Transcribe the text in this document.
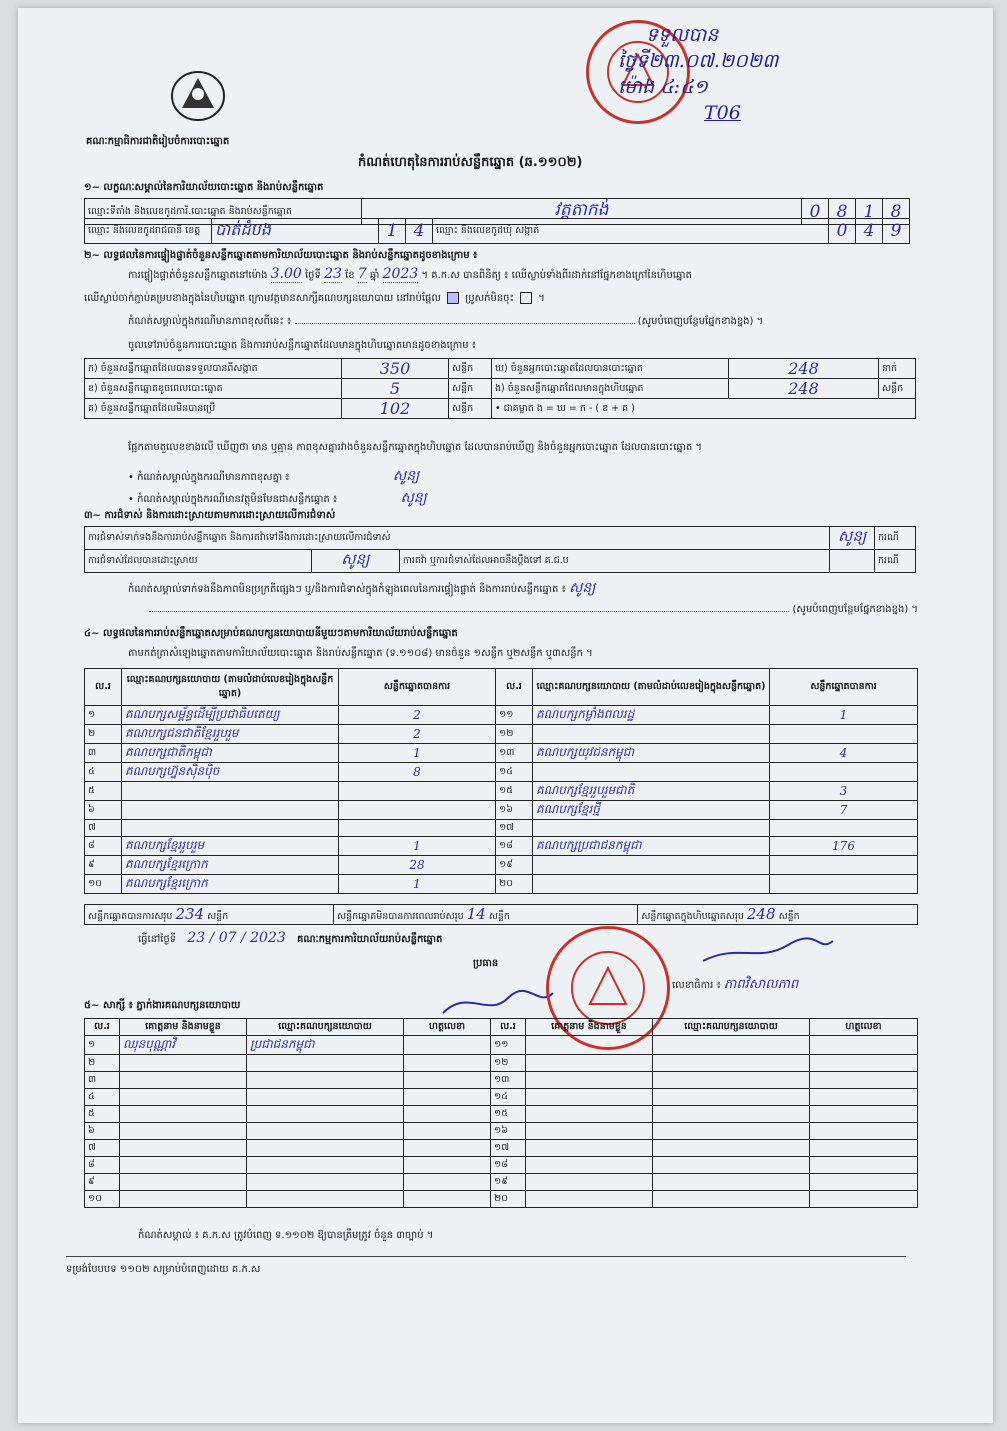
គណៈកម្មាធិការជាតិរៀបចំការបោះឆ្នោត
ទទួលបាន
ថ្ងៃទី២៣.០៧.២០២៣
ម៉ោង ៤:៤១
T06
កំណត់ហេតុនៃការរាប់សន្លឹកឆ្នោត (ឆ.១១០២)
១~ លក្ខណៈសម្គាល់នៃការិយាល័យបោះឆ្នោត និងរាប់សន្លឹកឆ្នោត
ឈ្មោះទីតាំង និងលេខកូដការិ.បោះឆ្នោត និងរាប់សន្លឹកឆ្នោត	វត្តតាកង់	0	8	1	8
ឈ្មោះ និងលេខកូដរាជធានី ខេត្ត	បាត់ដំបង	1	4	ឈ្មោះ និងលេខកូដឃុំ សង្កាត់	0	4	9
២~ លទ្ធផលនៃការផ្ទៀងផ្ទាត់ចំនួនសន្លឹកឆ្នោតតាមការិយាល័យបោះឆ្នោត និងរាប់សន្លឹកឆ្នោតដូចខាងក្រោម ៖
ការផ្ទៀងផ្ទាត់ចំនួនសន្លឹកឆ្នោតនៅម៉ោង 3.00 ថ្ងៃទី 23 ខែ 7 ឆ្នាំ 2023 ។ គ.ក.ស បានពិនិត្យ ៖ ឈើស្លាប់ទាំងពីរដាក់នៅផ្នែកខាងក្រៅនៃហិបឆ្នោត
ឈើស្លាប់ចាក់ភ្ជាប់គម្របខាងក្នុងនៃហិបឆ្នោត ក្រោមវត្តមានសាក្សីគណបក្សនយោបាយ នៅរាប់ផ្ដែល ប្រូសក់មិនចុះ  ។
កំណត់សម្គាល់ក្នុងករណីមានភាពខុសពីនេះ ៖	(សូមបំពេញបន្ថែមផ្នែកខាងខ្នង) ។
ចូលទៅរាប់ចំនួនការបោះឆ្នោត និងការរាប់សន្លឹកឆ្នោតដែលមានក្នុងហិបឆ្នោតមានដូចខាងក្រោម ៖
ក) ចំនួនសន្លឹកឆ្នោតដែលបានទទួលបានពីសង្កាត	350	សន្លឹក	ឃ) ចំនួនអ្នកបោះឆ្នោតដែលបានបោះឆ្នោត	248	នាក់
ខ) ចំនួនសន្លឹកឆ្នោតខូចពេលបោះឆ្នោត	5	សន្លឹក	ង) ចំនួនសន្លឹកឆ្នោតដែលមានក្នុងហិបឆ្នោត	248	សន្លឹក
គ) ចំនួនសន្លឹកឆ្នោតដែលមិនបានប្រើ	102	សន្លឹក	• ជាគម្លាត ង = ឃ = ក - ( ខ + គ )		
ផ្អែកតាមតួលេខខាងលើ ឃើញថា មាន ឬគ្មាន ភាពខុសគ្នារវាងចំនួនសន្លឹកឆ្នោតក្នុងហិបឆ្នោត ដែលបានរាប់ឃើញ និងចំនួនអ្នកបោះឆ្នោត ដែលបានបោះឆ្នោត ។
• កំណត់សម្គាល់ក្នុងករណីមានភាពខុសគ្នា ៖	សូន្យ
• កំណត់សម្គាល់ក្នុងករណីមានវត្ថុមិនមែនជាសន្លឹកឆ្នោត ៖	សូន្យ
៣~ ការជំទាស់ និងការដោះស្រាយតាមការដោះស្រាយលើការជំទាស់
ការជំទាស់ទាក់ទងនឹងការរាប់សន្លឹកឆ្នោត និងការតវ៉ាទៅនឹងការដោះស្រាយលើការជំទាស់			សូន្យ	ករណី
ការជំទាស់ដែលបានដោះស្រាយ	សូន្យ	ការតវ៉ា ឬការជំទាស់ដែលអាចនឹងប្តឹងទៅ គ.ជ.ប		ករណី
កំណត់សម្គាល់ទាក់ទងនឹងភាពមិនប្រក្រតីផ្សេងៗ ឬ/និងការជំទាស់ក្នុងកំឡុងពេលនៃការផ្ទៀងផ្ទាត់ និងការរាប់សន្លឹកឆ្នោត ៖ សូន្យ
(សូមបំពេញបន្ថែមផ្នែកខាងខ្នង) ។
៤~ លទ្ធផលនៃការរាប់សន្លឹកឆ្នោតសម្រាប់គណបក្សនយោបាយនីមួយៗតាមការិយាល័យរាប់សន្លឹកឆ្នោត
តាមកត់ត្រាសំឡេងឆ្នោតតាមការិយាល័យបោះឆ្នោត និងរាប់សន្លឹកឆ្នោត (ទ.១១០៨) មានចំនួន ១សន្លឹក ឬ២សន្លឹក ឬ៣សន្លឹក ។
ល.រ	ឈ្មោះគណបក្សនយោបាយ (តាមលំដាប់លេខរៀងក្នុងសន្លឹកឆ្នោត)	សន្លឹកឆ្នោតបានការ	ល.រ	ឈ្មោះគណបក្សនយោបាយ (តាមលំដាប់លេខរៀងក្នុងសន្លឹកឆ្នោត)	សន្លឹកឆ្នោតបានការ
១	គណបក្សសម្ព័ន្ធដើម្បីប្រជាធិបតេយ្យ	2	១១	គណបក្សកម្លាំងពលរដ្ឋ	1
២	គណបក្សជនជាតិខ្មែររួបរួម	2	១២		
៣	គណបក្សជាតិកម្ពុជា	1	១៣	គណបក្សយុវជនកម្ពុជា	4
៤	គណបក្សហ្វ៊ុនស៊ិនប៉ិច	8	១៤		
៥			១៥	គណបក្សខ្មែររួបរួមជាតិ	3
៦			១៦	គណបក្សខ្មែរថ្មី	7
៧			១៧		
៨	គណបក្សខ្មែររួបរួម	1	១៨	គណបក្សប្រជាជនកម្ពុជា	176
៩	គណបក្សខ្មែរក្រោក	28	១៩		
១០	គណបក្សខ្មែរក្រោក	1	២០		
សន្លឹកឆ្នោតបានការសរុប 234 សន្លឹក	សន្លឹកឆ្នោតមិនបានការពេលរាប់សរុប 14 សន្លឹក	សន្លឹកឆ្នោតក្នុងហិបឆ្នោតសរុប 248 សន្លឹក
ធ្វើនៅថ្ងៃទី 23 / 07 / 2023 គណៈកម្មការការិយាល័យរាប់សន្លឹកឆ្នោត
ប្រធាន
លេខាធិការ ៖ ភាពវិសាលភាព
៥~ សាក្សី ៖ ភ្នាក់ងារគណបក្សនយោបាយ
ល.រ	គោត្តនាម និងនាមខ្លួន	ឈ្មោះគណបក្សនយោបាយ	ហត្ថលេខា	ល.រ	គោត្តនាម និងនាមខ្លួន	ឈ្មោះគណបក្សនយោបាយ	ហត្ថលេខា
១	ឈុនបុណ្ណាវិ	ប្រជាជនកម្ពុជា		១១			
២				១២			
៣				១៣			
៤				១៤			
៥				១៥			
៦				១៦			
៧				១៧			
៨				១៨			
៩				១៩			
១០				២០			
កំណត់សម្គាល់ ៖ គ.ក.ស ត្រូវបំពេញ ទ.១១០២ ឱ្យបានត្រឹមត្រូវ ចំនួន ៣ច្បាប់ ។
ទម្រង់បែបបទ ១១០២ សម្រាប់បំពេញដោយ គ.ក.ស
